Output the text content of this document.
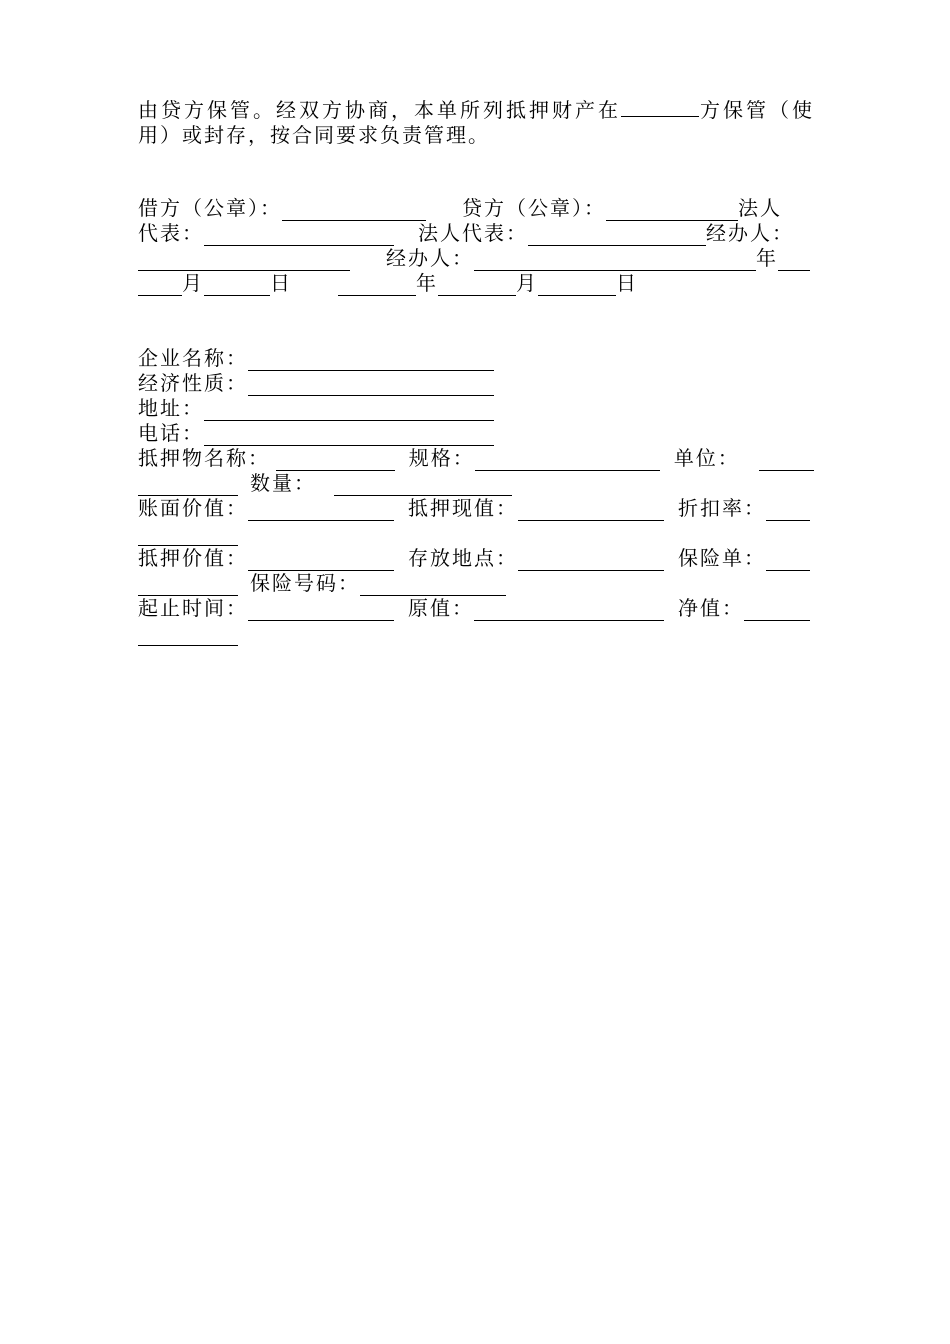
由贷方保管。经双方协商，本单所列抵押财产在	方保管（使用）或封存，按合同要求负责管理。

借方（公章）：	贷方（公章）：	法人
代表：	法人代表：	经办人：
经办人：	年
月	日	年	月	日
企业名称：
经济性质：
地址：
电话：
抵押物名称：	规格：	单位：
数量：
账面价值：	抵押现值：	折扣率：
抵押价值：	存放地点：	保险单：
保险号码：
起止时间：	原值：	净值：
